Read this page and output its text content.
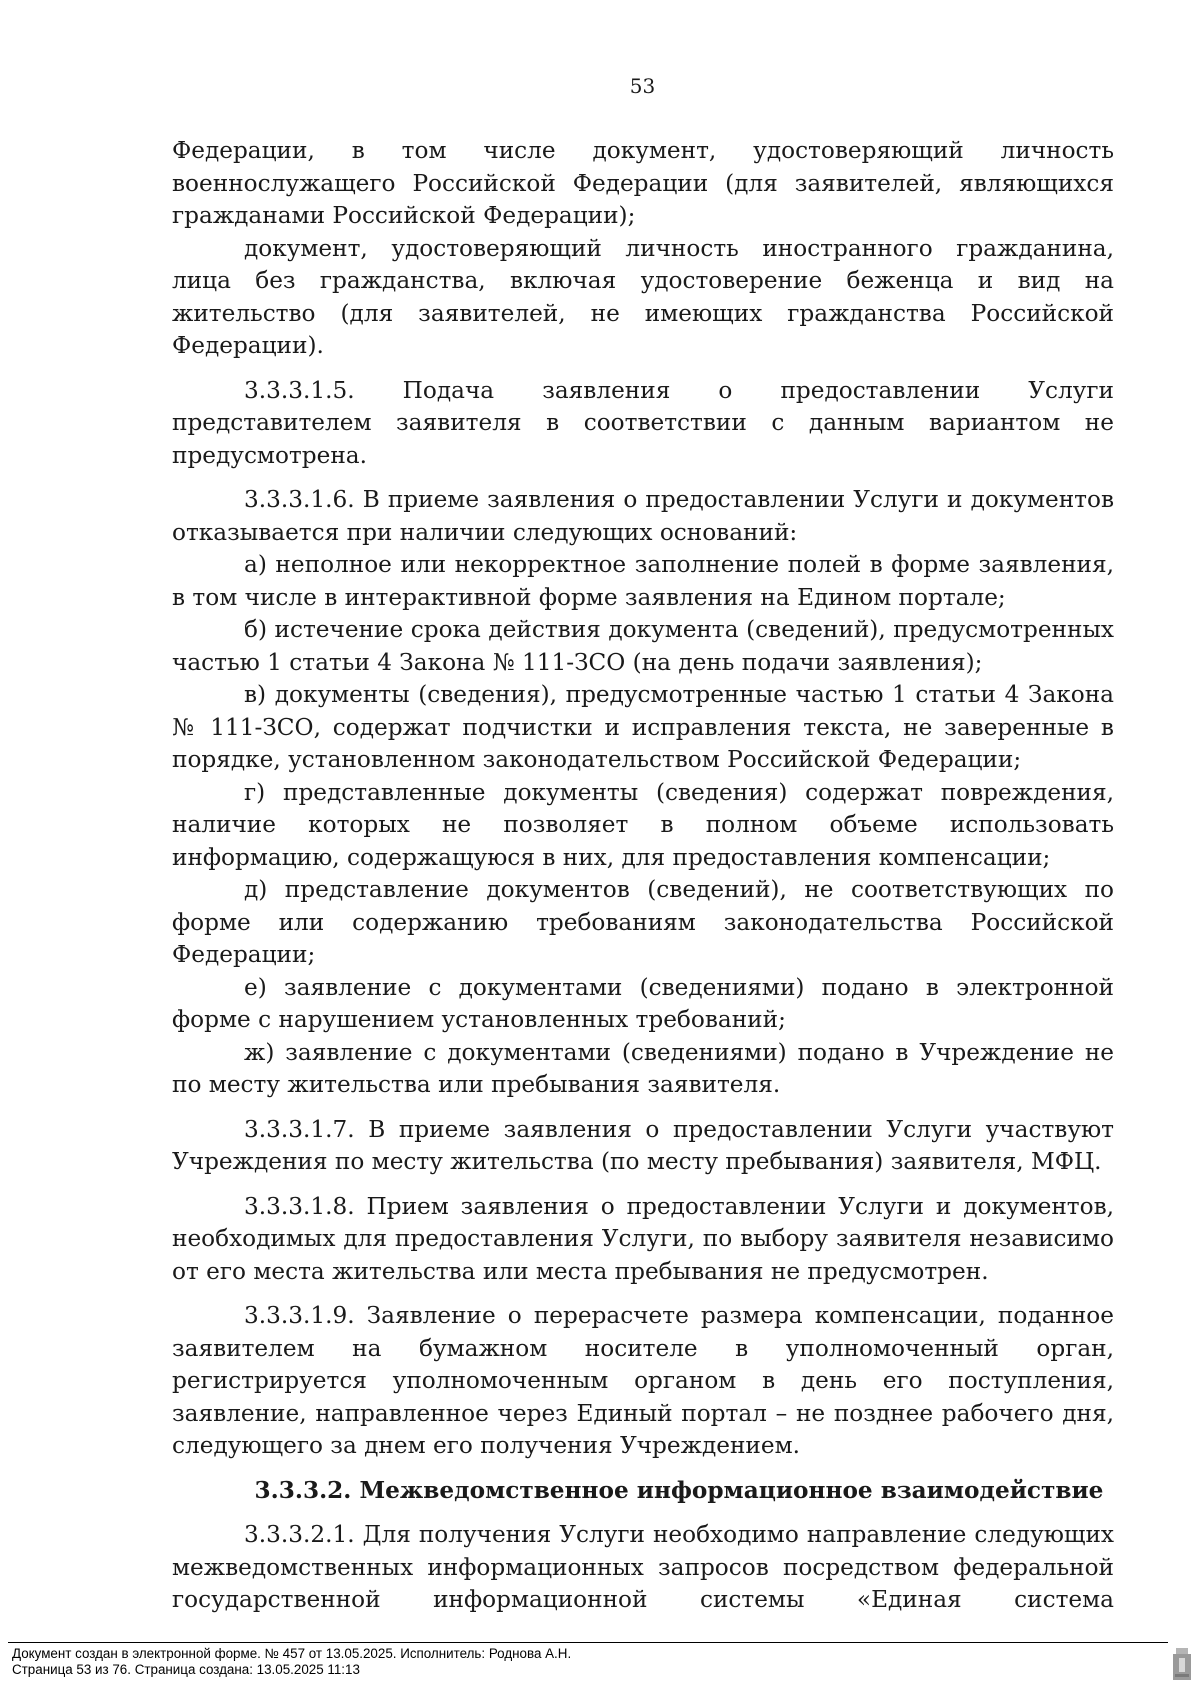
53

Федерации, в том числе документ, удостоверяющий личность военнослужащего Российской Федерации (для заявителей, являющихся гражданами Российской Федерации);

документ, удостоверяющий личность иностранного гражданина, лица без гражданства, включая удостоверение беженца и вид на жительство (для заявителей, не имеющих гражданства Российской Федерации).

3.3.3.1.5. Подача заявления о предоставлении Услуги представителем заявителя в соответствии с данным вариантом не предусмотрена.

3.3.3.1.6. В приеме заявления о предоставлении Услуги и документов отказывается при наличии следующих оснований:

а) неполное или некорректное заполнение полей в форме заявления, в том числе в интерактивной форме заявления на Едином портале;

б) истечение срока действия документа (сведений), предусмотренных частью 1 статьи 4 Закона № 111-ЗСО (на день подачи заявления);

в) документы (сведения), предусмотренные частью 1 статьи 4 Закона № 111-ЗСО, содержат подчистки и исправления текста, не заверенные в порядке, установленном законодательством Российской Федерации;

г) представленные документы (сведения) содержат повреждения, наличие которых не позволяет в полном объеме использовать информацию, содержащуюся в них, для предоставления компенсации;

д) представление документов (сведений), не соответствующих по форме или содержанию требованиям законодательства Российской Федерации;

е) заявление с документами (сведениями) подано в электронной форме с нарушением установленных требований;

ж) заявление с документами (сведениями) подано в Учреждение не по месту жительства или пребывания заявителя.

3.3.3.1.7. В приеме заявления о предоставлении Услуги участвуют Учреждения по месту жительства (по месту пребывания) заявителя, МФЦ.

3.3.3.1.8. Прием заявления о предоставлении Услуги и документов, необходимых для предоставления Услуги, по выбору заявителя независимо от его места жительства или места пребывания не предусмотрен.

3.3.3.1.9. Заявление о перерасчете размера компенсации, поданное заявителем на бумажном носителе в уполномоченный орган, регистрируется уполномоченным органом в день его поступления, заявление, направленное через Единый портал – не позднее рабочего дня, следующего за днем его получения Учреждением.

3.3.3.2. Межведомственное информационное взаимодействие

3.3.3.2.1. Для получения Услуги необходимо направление следующих межведомственных информационных запросов посредством федеральной государственной информационной системы «Единая система

Документ создан в электронной форме. № 457 от 13.05.2025. Исполнитель: Роднова А.Н.
Страница 53 из 76. Страница создана: 13.05.2025 11:13
